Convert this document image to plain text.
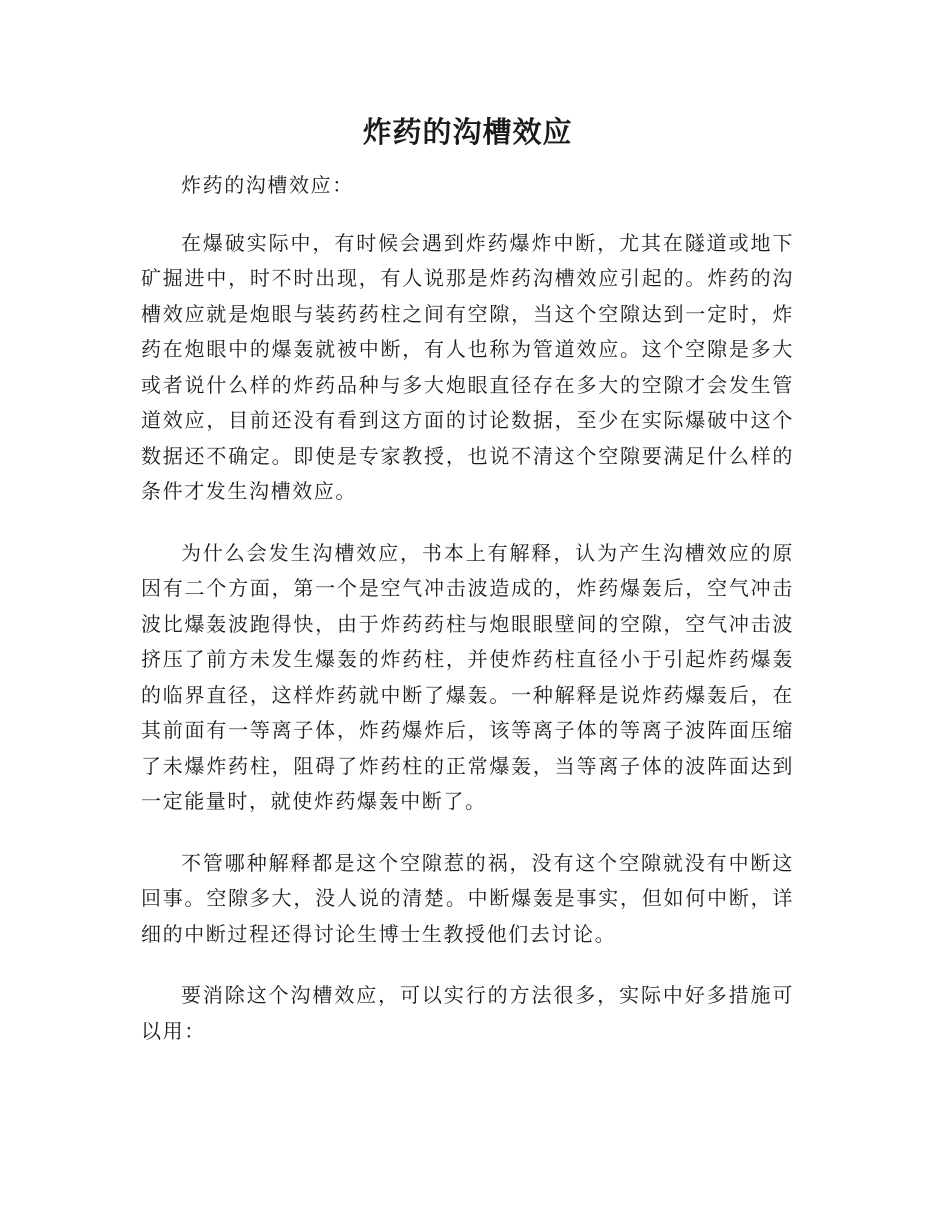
炸药的沟槽效应

炸药的沟槽效应：

在爆破实际中，有时候会遇到炸药爆炸中断，尤其在隧道或地下矿掘进中，时不时出现，有人说那是炸药沟槽效应引起的。炸药的沟槽效应就是炮眼与装药药柱之间有空隙，当这个空隙达到一定时，炸药在炮眼中的爆轰就被中断，有人也称为管道效应。这个空隙是多大或者说什么样的炸药品种与多大炮眼直径存在多大的空隙才会发生管道效应，目前还没有看到这方面的讨论数据，至少在实际爆破中这个数据还不确定。即使是专家教授，也说不清这个空隙要满足什么样的条件才发生沟槽效应。

为什么会发生沟槽效应，书本上有解释，认为产生沟槽效应的原因有二个方面，第一个是空气冲击波造成的，炸药爆轰后，空气冲击波比爆轰波跑得快，由于炸药药柱与炮眼眼壁间的空隙，空气冲击波挤压了前方未发生爆轰的炸药柱，并使炸药柱直径小于引起炸药爆轰的临界直径，这样炸药就中断了爆轰。一种解释是说炸药爆轰后，在其前面有一等离子体，炸药爆炸后，该等离子体的等离子波阵面压缩了未爆炸药柱，阻碍了炸药柱的正常爆轰，当等离子体的波阵面达到一定能量时，就使炸药爆轰中断了。

不管哪种解释都是这个空隙惹的祸，没有这个空隙就没有中断这回事。空隙多大，没人说的清楚。中断爆轰是事实，但如何中断，详细的中断过程还得讨论生博士生教授他们去讨论。

要消除这个沟槽效应，可以实行的方法很多，实际中好多措施可以用：
